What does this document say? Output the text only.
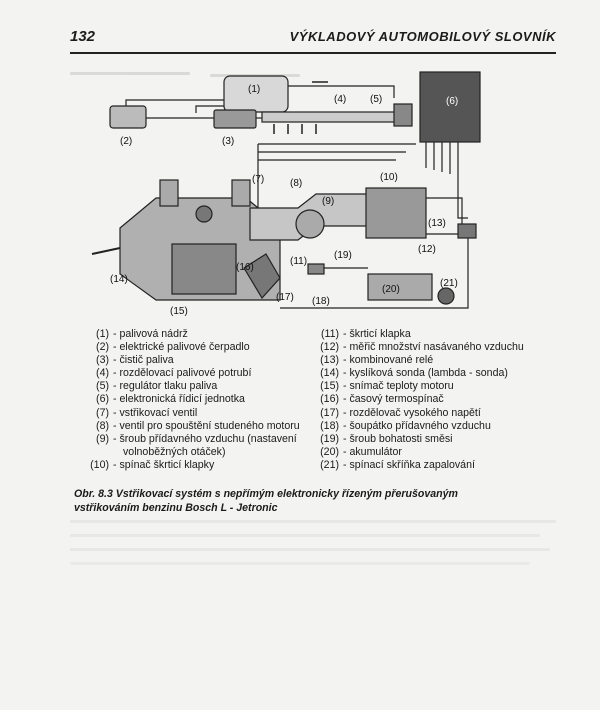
132	VÝKLADOVÝ AUTOMOBILOVÝ SLOVNÍK
(1)
(2)	(3)
(4) (5)	(6)
(7)	(8)
(9)
(10)
(11)
(12)
(13)
(14)
(15)
(16)
(17) (18)
(19)
(20)
(21)
(1) - palivová nádrž
(2) - elektrické palivové čerpadlo
(3) - čistič paliva
(4) - rozdělovací palivové potrubí
(5) - regulátor tlaku paliva
(6) - elektronická řídicí jednotka
(7) - vstřikovací ventil
(8) - ventil pro spouštění studeného motoru
(9) - šroub přídavného vzduchu (nastavení
volnoběžných otáček)
(10) - spínač škrticí klapky
(11) - škrticí klapka
(12) - měřič množství nasávaného vzduchu
(13) - kombinované relé
(14) - kyslíková sonda (lambda - sonda)
(15) - snímač teploty motoru
(16) - časový termospínač
(17) - rozdělovač vysokého napětí
(18) - šoupátko přídavného vzduchu
(19) - šroub bohatosti směsi
(20) - akumulátor
(21) - spínací skříňka zapalování
Obr. 8.3 Vstřikovací systém s nepřímým elektronicky řízeným přerušovaným vstřikováním benzinu Bosch L - Jetronic
